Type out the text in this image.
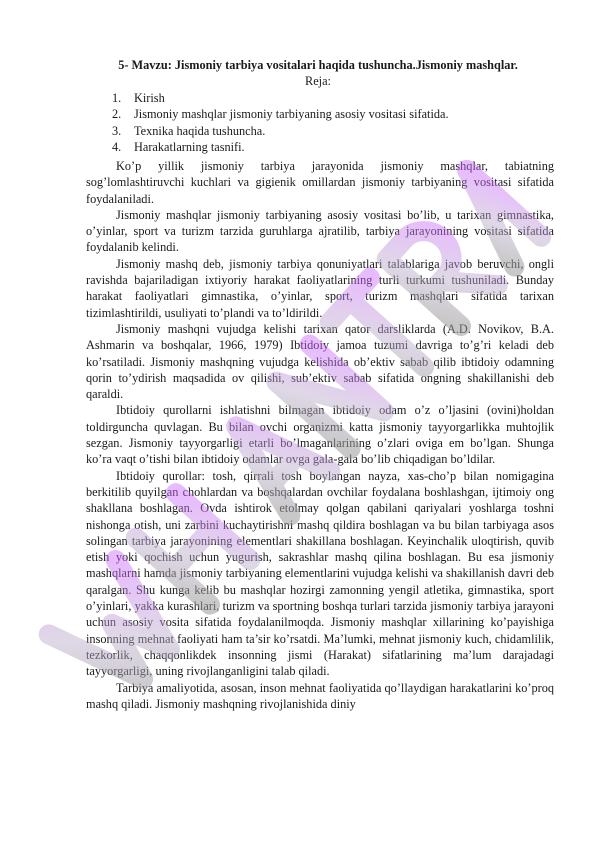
5- Mavzu: Jismoniy tarbiya vositalari haqida tushuncha.Jismoniy mashqlar.
Reja:
1.	Kirish
2.	Jismoniy mashqlar jismoniy tarbiyaning asosiy vositasi sifatida.
3.	Texnika haqida tushuncha.
4.	Harakatlarning tasnifi.

Ko’p yillik jismoniy tarbiya jarayonida jismoniy mashqlar, tabiatning sog’lomlashtiruvchi kuchlari va gigienik omillardan jismoniy tarbiyaning vositasi sifatida foydalaniladi.

Jismoniy mashqlar jismoniy tarbiyaning asosiy vositasi bo’lib, u tarixan gimnastika, o’yinlar, sport va turizm tarzida guruhlarga ajratilib, tarbiya jarayonining vositasi sifatida foydalanib kelindi.

Jismoniy mashq deb, jismoniy tarbiya qonuniyatlari talablariga javob beruvchi, ongli ravishda bajariladigan ixtiyoriy harakat faoliyatlarining turli turkumi tushuniladi. Bunday harakat faoliyatlari gimnastika, o’yinlar, sport, turizm mashqlari sifatida tarixan tizimlashtirildi, usuliyati to’plandi va to’ldirildi.

Jismoniy mashqni vujudga kelishi tarixan qator darsliklarda (A.D. Novikov, B.A. Ashmarin va boshqalar, 1966, 1979) Ibtidoiy jamoa tuzumi davriga to’g’ri keladi deb ko’rsatiladi. Jismoniy mashqning vujudga kelishida ob’ektiv sabab qilib ibtidoiy odamning qorin to’ydirish maqsadida ov qilishi, sub’ektiv sabab sifatida ongning shakillanishi deb qaraldi.

Ibtidoiy qurollarni ishlatishni bilmagan ibtidoiy odam o’z o’ljasini (ovini)holdan toldirguncha quvlagan. Bu bilan ovchi organizmi katta jismoniy tayyorgarlikka muhtojlik sezgan. Jismoniy tayyorgarligi etarli bo’lmaganlarining o’zlari oviga em bo’lgan. Shunga ko’ra vaqt o’tishi bilan ibtidoiy odamlar ovga gala-gala bo’lib chiqadigan bo’ldilar.

Ibtidoiy qurollar: tosh, qirrali tosh boylangan nayza, xas-cho’p bilan nomigagina berkitilib quyilgan chohlardan va boshqalardan ovchilar foydalana boshlashgan, ijtimoiy ong shakllana boshlagan. Ovda ishtirok etolmay qolgan qabilani qariyalari yoshlarga toshni nishonga otish, uni zarbini kuchaytirishni mashq qildira boshlagan va bu bilan tarbiyaga asos solingan tarbiya jarayonining elementlari shakillana boshlagan. Keyinchalik uloqtirish, quvib etish yoki qochish uchun yugurish, sakrashlar mashq qilina boshlagan. Bu esa jismoniy mashqlarni hamda jismoniy tarbiyaning elementlarini vujudga kelishi va shakillanish davri deb qaralgan. Shu kunga kelib bu mashqlar hozirgi zamonning yengil atletika, gimnastika, sport o’yinlari, yakka kurashlari, turizm va sportning boshqa turlari tarzida jismoniy tarbiya jarayoni uchun asosiy vosita sifatida foydalanilmoqda. Jismoniy mashqlar xillarining ko’payishiga insonning mehnat faoliyati ham ta’sir ko’rsatdi. Ma’lumki, mehnat jismoniy kuch, chidamlilik, tezkorlik, chaqqonlikdek insonning jismi (Harakat) sifatlarining ma’lum darajadagi tayyorgarligi, uning rivojlanganligini talab qiladi.

Tarbiya amaliyotida, asosan, inson mehnat faoliyatida qo’llaydigan harakatlarini ko’proq mashq qiladi. Jismoniy mashqning rivojlanishida diniy
